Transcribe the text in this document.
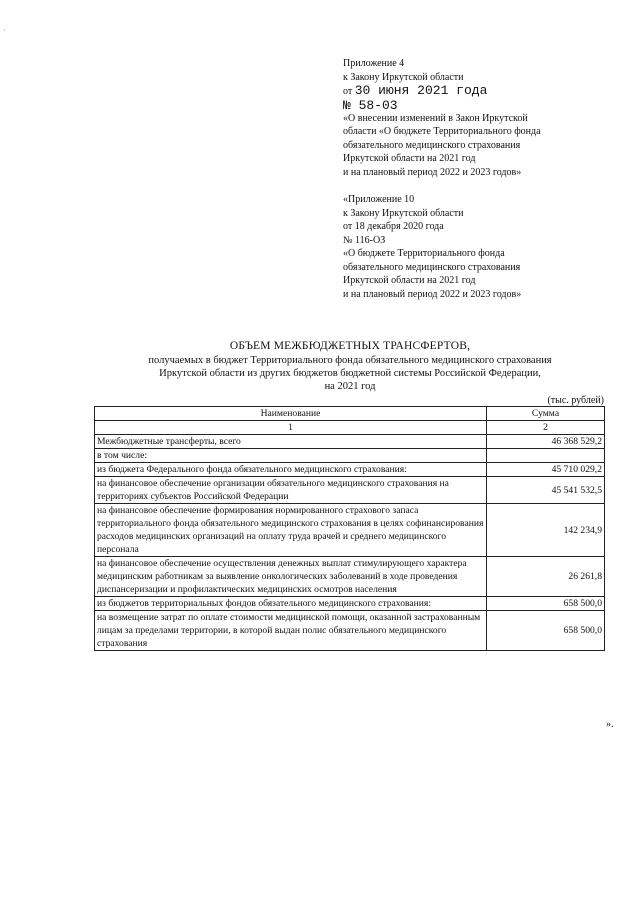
·
Приложение 4
к Закону Иркутской области
от 30 июня 2021 года
№ 58-03
«О внесении изменений в Закон Иркутской
области «О бюджете Территориального фонда
обязательного медицинского страхования
Иркутской области на 2021 год
и на плановый период 2022 и 2023 годов»
«Приложение 10
к Закону Иркутской области
от 18 декабря 2020 года
№ 116-ОЗ
«О бюджете Территориального фонда
обязательного медицинского страхования
Иркутской области на 2021 год
и на плановый период 2022 и 2023 годов»
ОБЪЕМ МЕЖБЮДЖЕТНЫХ ТРАНСФЕРТОВ,
получаемых в бюджет Территориального фонда обязательного медицинского страхования
Иркутской области из других бюджетов бюджетной системы Российской Федерации,
на 2021 год
(тыс. рублей)
Наименование	Сумма
1	2
Межбюджетные трансферты, всего	46 368 529,2
в том числе:	
из бюджета Федерального фонда обязательного медицинского страхования:	45 710 029,2
на финансовое обеспечение организации обязательного медицинского страхования на территориях субъектов Российской Федерации	45 541 532,5
на финансовое обеспечение формирования нормированного страхового запаса территориального фонда обязательного медицинского страхования в целях софинансирования расходов медицинских организаций на оплату труда врачей и среднего медицинского персонала	142 234,9
на финансовое обеспечение осуществления денежных выплат стимулирующего характера медицинским работникам за выявление онкологических заболеваний в ходе проведения диспансеризации и профилактических медицинских осмотров населения	26 261,8
из бюджетов территориальных фондов обязательного медицинского страхования:	658 500,0
на возмещение затрат по оплате стоимости медицинской помощи, оказанной застрахованным лицам за пределами территории, в которой выдан полис обязательного медицинского страхования	658 500,0
».
